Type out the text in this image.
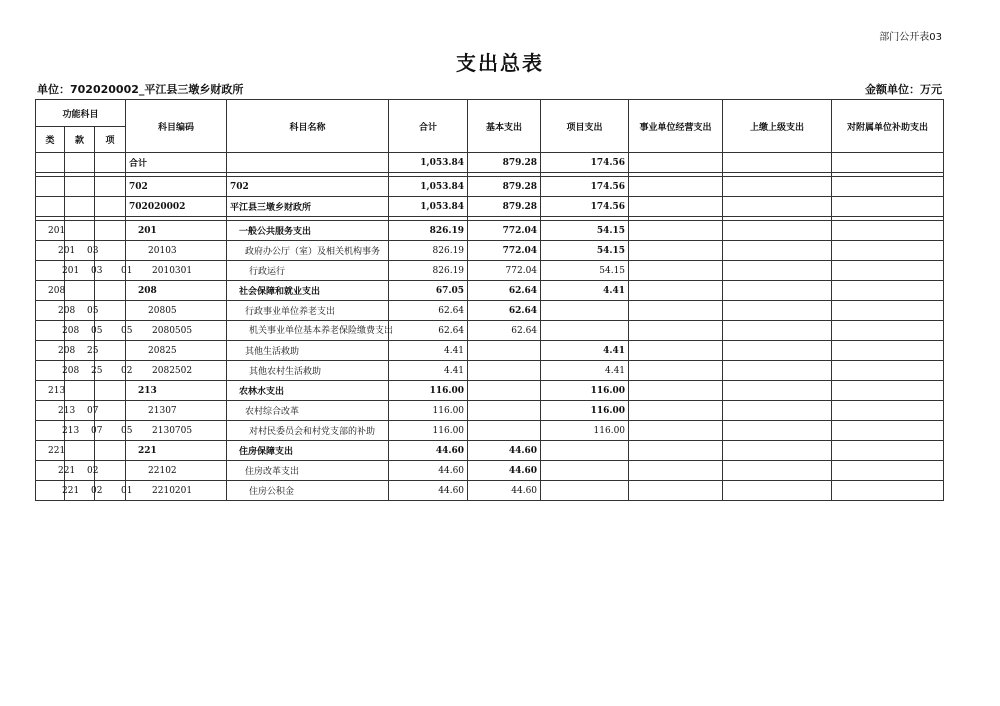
部门公开表03
支出总表
单位：702020002_平江县三墩乡财政所	金额单位：万元
功能科目			科目编码	科目名称	合计	基本支出	项目支出	事业单位经营支出	上缴上级支出	对附属单位补助支出
类	款	项								
			合计		1,053.84	879.28	174.56			

			702	702	1,053.84	879.28	174.56			
			702020002	平江县三墩乡财政所	1,053.84	879.28	174.56			

201			201	一般公共服务支出	826.19	772.04	54.15			
201	03		20103	政府办公厅（室）及相关机构事务	826.19	772.04	54.15			
201	03	01	2010301	行政运行	826.19	772.04	54.15			
208			208	社会保障和就业支出	67.05	62.64	4.41			
208	05		20805	行政事业单位养老支出	62.64	62.64				
208	05	05	2080505	机关事业单位基本养老保险缴费支出	62.64	62.64				
208	25		20825	其他生活救助	4.41		4.41			
208	25	02	2082502	其他农村生活救助	4.41		4.41			
213			213	农林水支出	116.00		116.00			
213	07		21307	农村综合改革	116.00		116.00			
213	07	05	2130705	对村民委员会和村党支部的补助	116.00		116.00			
221			221	住房保障支出	44.60	44.60				
221	02		22102	住房改革支出	44.60	44.60				
221	02	01	2210201	住房公积金	44.60	44.60				
